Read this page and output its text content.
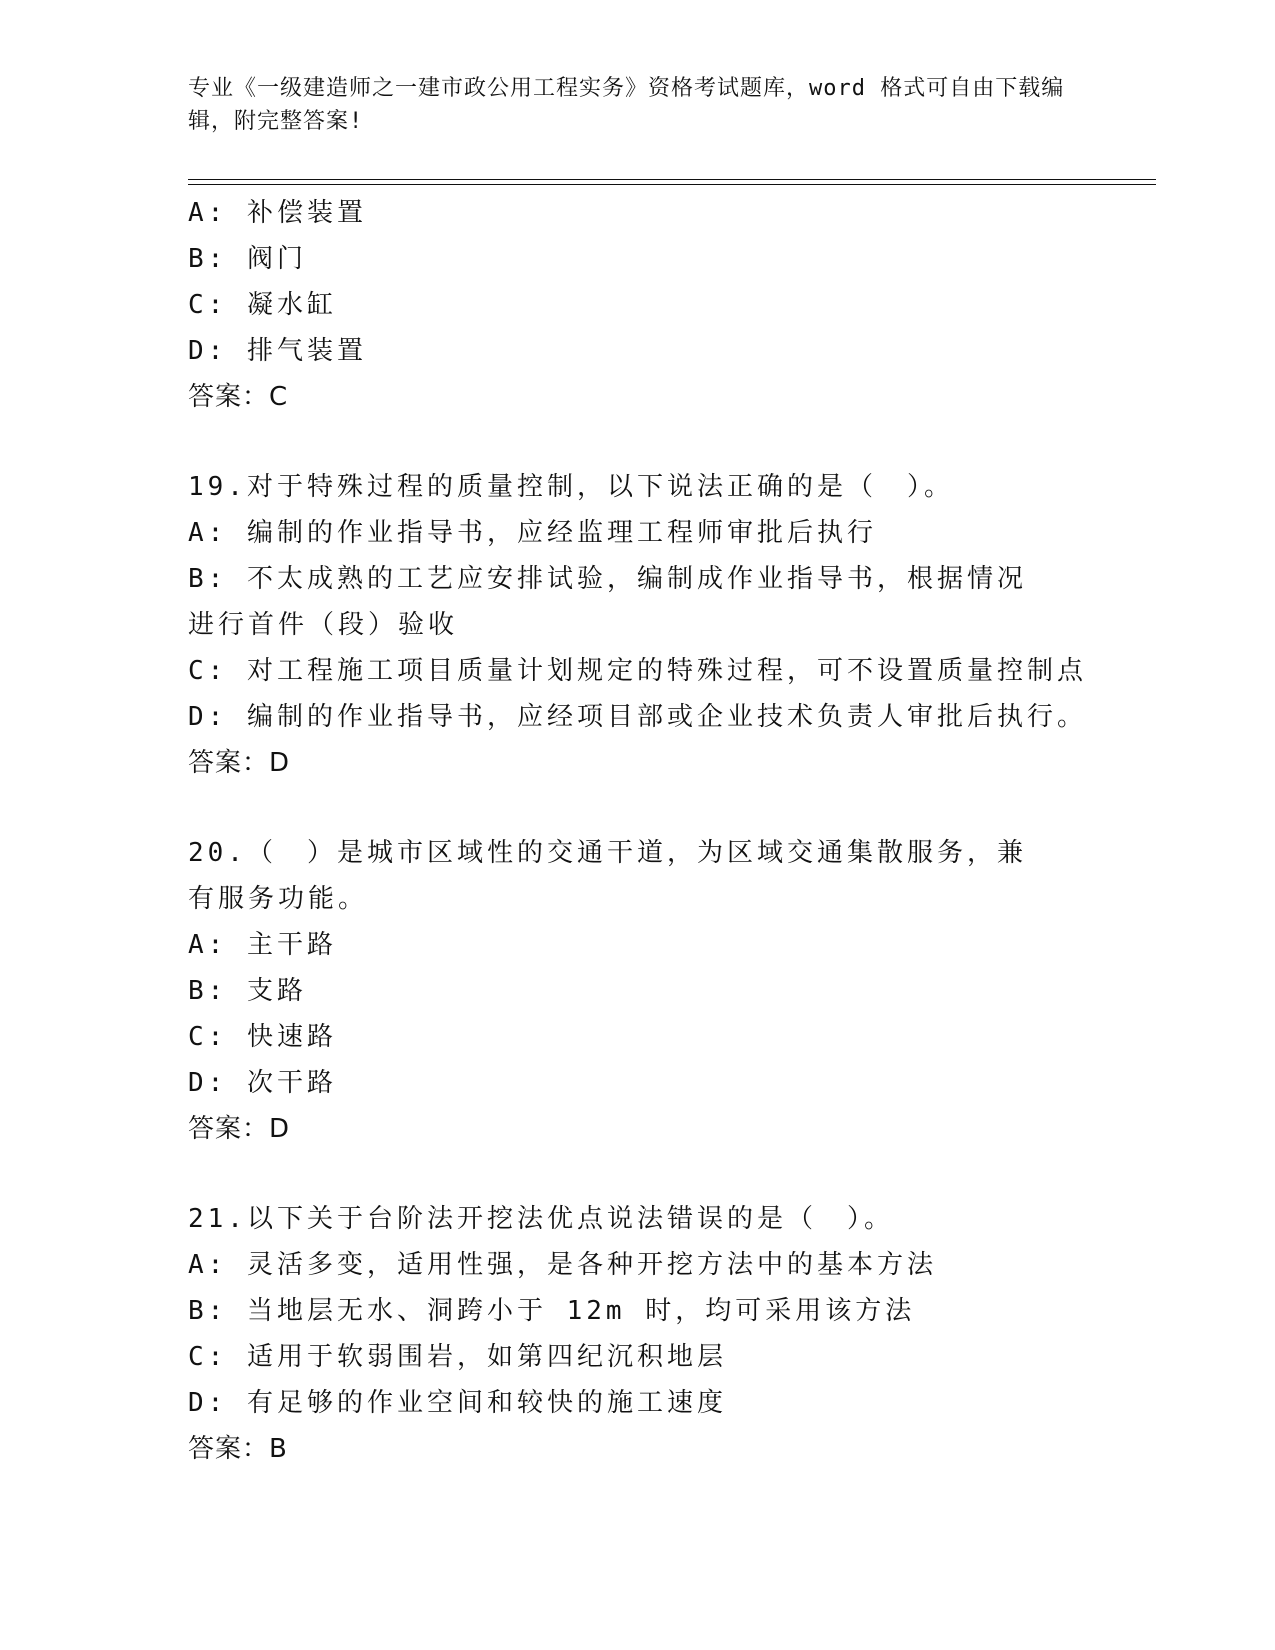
专业《一级建造师之一建市政公用工程实务》资格考试题库，word 格式可自由下载编辑，附完整答案!
A: 补偿装置
B: 阀门
C: 凝水缸
D: 排气装置
答案：C
19.对于特殊过程的质量控制，以下说法正确的是（　）。
A: 编制的作业指导书，应经监理工程师审批后执行
B: 不太成熟的工艺应安排试验，编制成作业指导书，根据情况进行首件（段）验收
C: 对工程施工项目质量计划规定的特殊过程，可不设置质量控制点
D: 编制的作业指导书，应经项目部或企业技术负责人审批后执行。
答案：D
20.（　）是城市区域性的交通干道，为区域交通集散服务，兼有服务功能。
A: 主干路
B: 支路
C: 快速路
D: 次干路
答案：D
21.以下关于台阶法开挖法优点说法错误的是（　）。
A: 灵活多变，适用性强，是各种开挖方法中的基本方法
B: 当地层无水、洞跨小于 12m 时，均可采用该方法
C: 适用于软弱围岩，如第四纪沉积地层
D: 有足够的作业空间和较快的施工速度
答案：B
